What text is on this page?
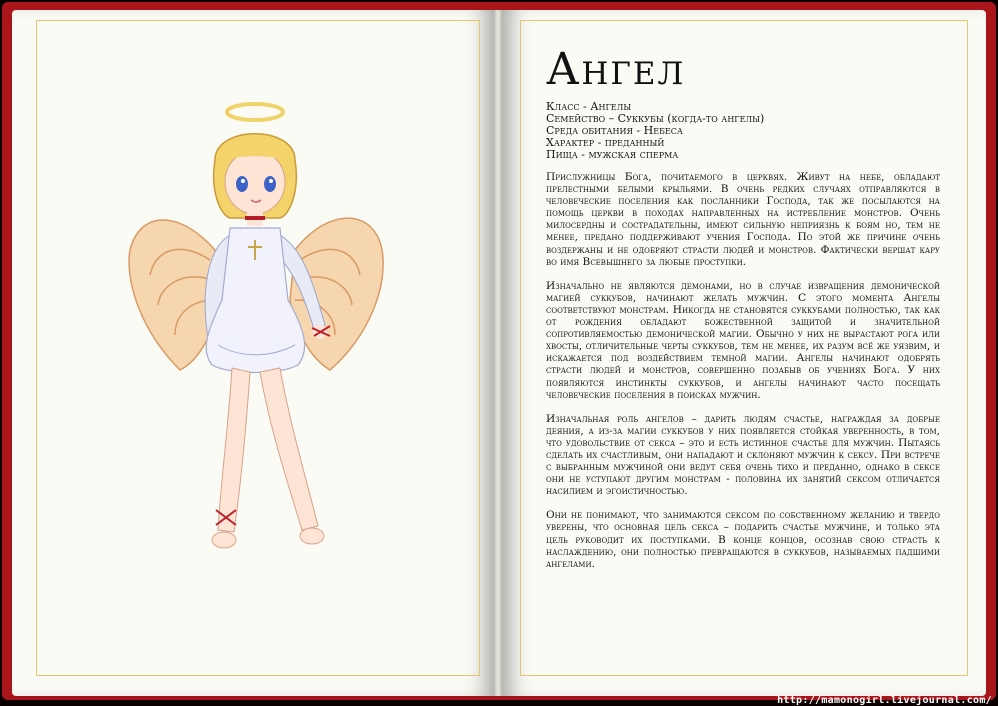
Ангел
Класс - Ангелы
Семейство – Суккубы (когда-то ангелы)
Среда обитания - Небеса
Характер - преданный
Пища - мужская сперма

Прислужницы Бога, почитаемого в церквях. Живут на небе, обладают прелестными белыми крыльями. В очень редких случаях отправляются в человеческие поселения как посланники Господа, так же посылаются на помощь церкви в походах направленных на истребление монстров. Очень милосердны и сострадательны, имеют сильную неприязнь к боям но, тем не менее, предано поддерживают учения Господа. По этой же причине очень воздержаны и не одобряют страсти людей и монстров. Фактически вершат кару во имя Всевышнего за любые проступки.

Изначально не являются демонами, но в случае извращения демонической магией суккубов, начинают желать мужчин. С этого момента Ангелы соответствуют монстрам. Никогда не становятся суккубами полностью, так как от рождения обладают божественной защитой и значительной сопротивляемостью демонической магии. Обычно у них не вырастают рога или хвосты, отличительные черты суккубов, тем не менее, их разум всё же уязвим, и искажается под воздействием темной магии. Ангелы начинают одобрять страсти людей и монстров, совершенно позабыв об учениях Бога. У них появляются инстинкты суккубов, и ангелы начинают часто посещать человеческие поселения в поисках мужчин.

Изначальная роль ангелов – дарить людям счастье, награждая за добрые деяния, а из-за магии суккубов у них появляется стойкая уверенность, в том, что удовольствие от секса – это и есть истинное счастье для мужчин. Пытаясь сделать их счастливым, они нападают и склоняют мужчин к сексу. При встрече с выбранным мужчиной они ведут себя очень тихо и преданно, однако в сексе они не уступают другим монстрам - половина их занятий сексом отличается насилием и эгоистичностью.

Они не понимают, что занимаются сексом по собственному желанию и твердо уверены, что основная цель секса – подарить счастье мужчине, и только эта цель руководит их поступками. В конце концов, осознав свою страсть к наслаждению, они полностью превращаются в суккубов, называемых падшими ангелами.

http://mamonogirl.livejournal.com/
